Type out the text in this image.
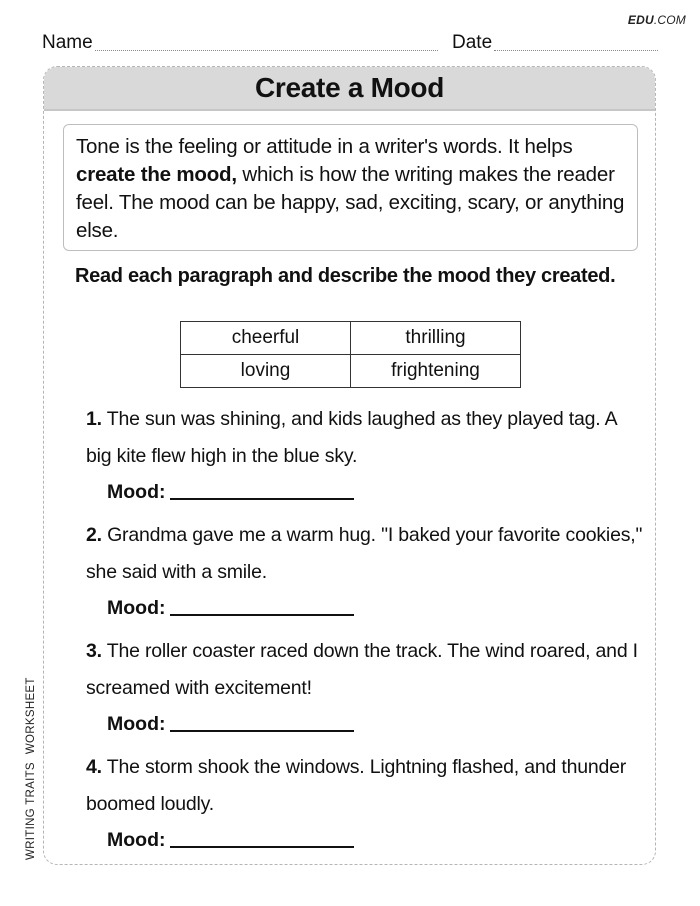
EDU.COM
Name	Date
Create a Mood
Tone is the feeling or attitude in a writer's words. It helps create the mood, which is how the writing makes the reader feel. The mood can be happy, sad, exciting, scary, or anything else.
Read each paragraph and describe the mood they created.
cheerful	thrilling
loving	frightening
1. The sun was shining, and kids laughed as they played tag. A big kite flew high in the blue sky.
Mood:
2. Grandma gave me a warm hug. "I baked your favorite cookies," she said with a smile.
Mood:
3. The roller coaster raced down the track. The wind roared, and I screamed with excitement!
Mood:
4. The storm shook the windows. Lightning flashed, and thunder boomed loudly.
Mood:
WRITING TRAITSWORKSHEET
